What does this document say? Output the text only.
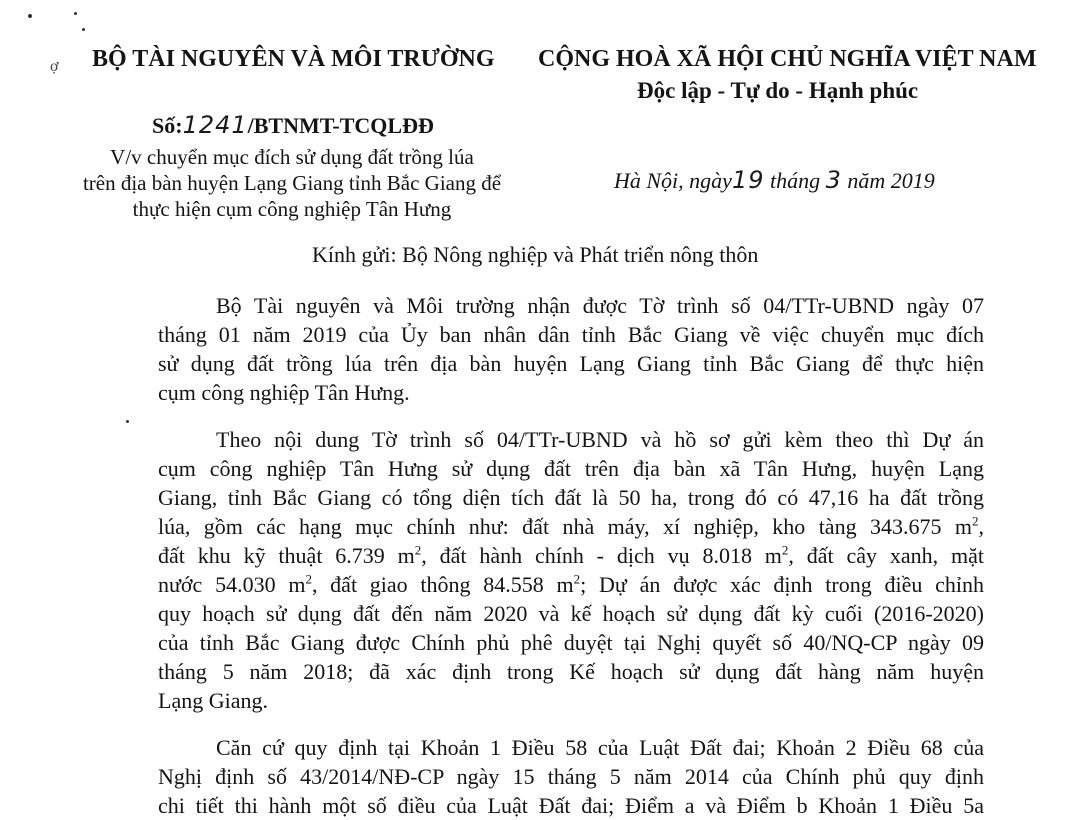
ợ BỘ TÀI NGUYÊN VÀ MÔI TRƯỜNG CỘNG HOÀ XÃ HỘI CHỦ NGHĨA VIỆT NAM
Độc lập - Tự do - Hạnh phúc
Số:1241/BTNMT-TCQLĐĐ
V/v chuyển mục đích sử dụng đất trồng lúa
trên địa bàn huyện Lạng Giang tỉnh Bắc Giang để
thực hiện cụm công nghiệp Tân Hưng
Hà Nội, ngày19 tháng 3 năm 2019
Kính gửi: Bộ Nông nghiệp và Phát triển nông thôn
Bộ Tài nguyên và Môi trường nhận được Tờ trình số 04/TTr-UBND ngày 07
tháng 01 năm 2019 của Ủy ban nhân dân tỉnh Bắc Giang về việc chuyển mục đích
sử dụng đất trồng lúa trên địa bàn huyện Lạng Giang tỉnh Bắc Giang để thực hiện
cụm công nghiệp Tân Hưng.
Theo nội dung Tờ trình số 04/TTr-UBND và hồ sơ gửi kèm theo thì Dự án
cụm công nghiệp Tân Hưng sử dụng đất trên địa bàn xã Tân Hưng, huyện Lạng
Giang, tỉnh Bắc Giang có tổng diện tích đất là 50 ha, trong đó có 47,16 ha đất trồng
lúa, gồm các hạng mục chính như: đất nhà máy, xí nghiệp, kho tàng 343.675 $m^2$,
đất khu kỹ thuật 6.739 $m^2$, đất hành chính - dịch vụ 8.018 $m^2$, đất cây xanh, mặt
nước 54.030 $m^2$, đất giao thông 84.558 $m^2$; Dự án được xác định trong điều chỉnh
quy hoạch sử dụng đất đến năm 2020 và kế hoạch sử dụng đất kỳ cuối (2016-2020)
của tỉnh Bắc Giang được Chính phủ phê duyệt tại Nghị quyết số 40/NQ-CP ngày 09
tháng 5 năm 2018; đã xác định trong Kế hoạch sử dụng đất hàng năm huyện
Lạng Giang.
Căn cứ quy định tại Khoản 1 Điều 58 của Luật Đất đai; Khoản 2 Điều 68 của
Nghị định số 43/2014/NĐ-CP ngày 15 tháng 5 năm 2014 của Chính phủ quy định
chi tiết thi hành một số điều của Luật Đất đai; Điểm a và Điểm b Khoản 1 Điều 5a
